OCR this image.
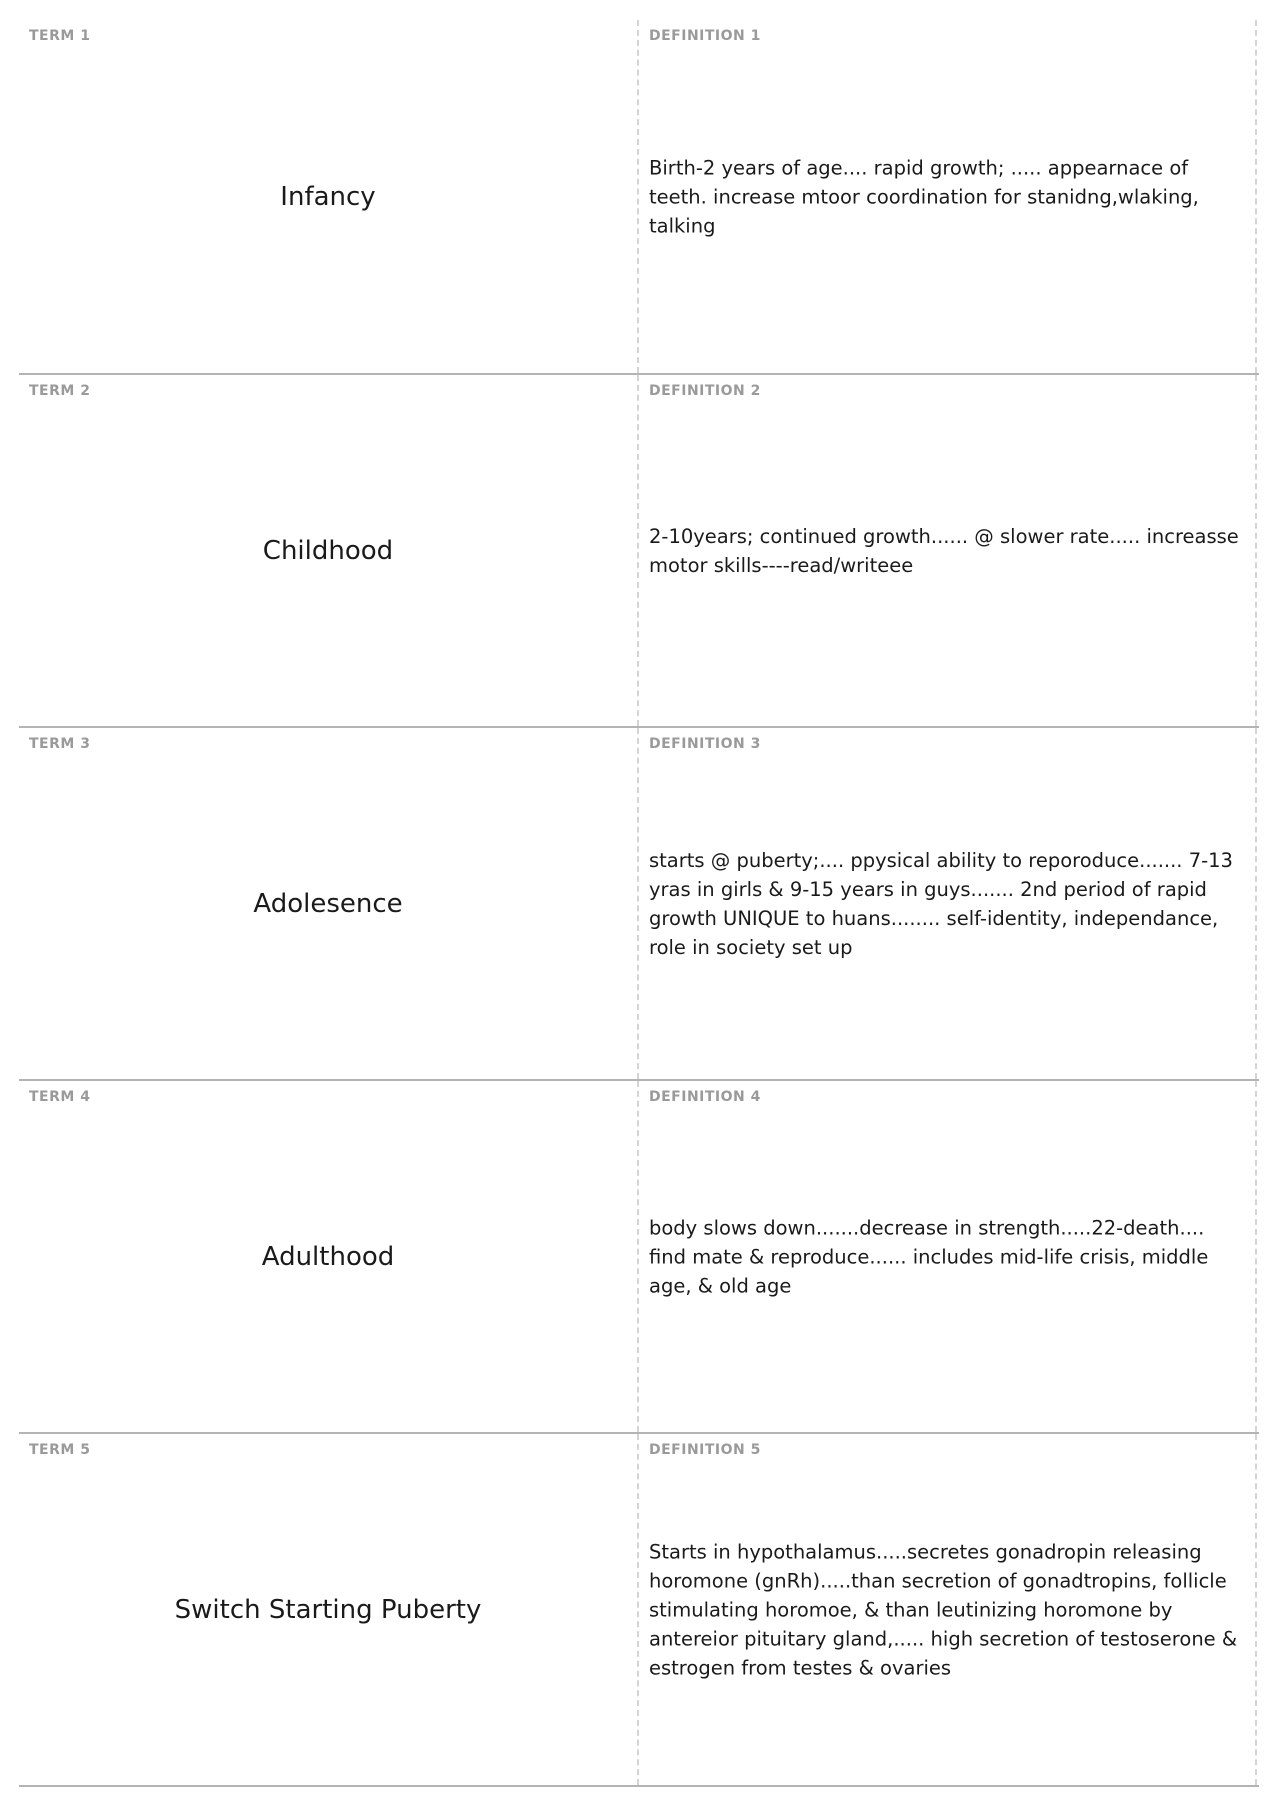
TERM 1
Infancy
DEFINITION 1
Birth-2 years of age.... rapid growth; ..... appearnace of teeth. increase mtoor coordination for stanidng,wlaking, talking
TERM 2
Childhood
DEFINITION 2
2-10years; continued growth...... @ slower rate..... increasse motor skills----read/writeee
TERM 3
Adolesence
DEFINITION 3
starts @ puberty;.... ppysical ability to reporoduce....... 7-13 yras in girls & 9-15 years in guys....... 2nd period of rapid growth UNIQUE to huans........ self-identity, independance, role in society set up
TERM 4
Adulthood
DEFINITION 4
body slows down.......decrease in strength.....22-death.... find mate & reproduce...... includes mid-life crisis, middle age, & old age
TERM 5
Switch Starting Puberty
DEFINITION 5
Starts in hypothalamus.....secretes gonadropin releasing horomone (gnRh).....than secretion of gonadtropins, follicle stimulating horomoe, & than leutinizing horomone by antereior pituitary gland,..... high secretion of testoserone & estrogen from testes & ovaries
